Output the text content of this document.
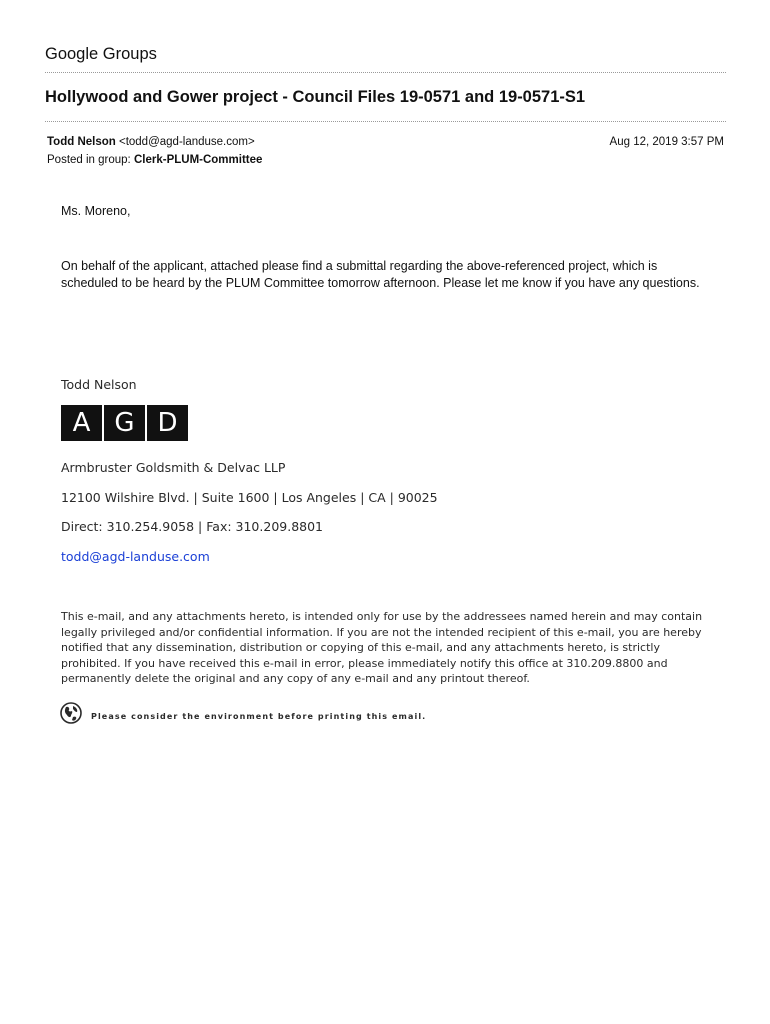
Google Groups
Hollywood and Gower project - Council Files 19-0571 and 19-0571-S1
Todd Nelson <todd@agd-landuse.com>
Posted in group: Clerk-PLUM-Committee
Aug 12, 2019 3:57 PM
Ms. Moreno,
On behalf of the applicant, attached please find a submittal regarding the above-referenced project, which is scheduled to be heard by the PLUM Committee tomorrow afternoon. Please let me know if you have any questions.
Todd Nelson
A G D
Armbruster Goldsmith & Delvac LLP
12100 Wilshire Blvd. | Suite 1600 | Los Angeles | CA | 90025
Direct: 310.254.9058 | Fax: 310.209.8801
todd@agd-landuse.com
This e-mail, and any attachments hereto, is intended only for use by the addressees named herein and may contain legally privileged and/or confidential information. If you are not the intended recipient of this e-mail, you are hereby notified that any dissemination, distribution or copying of this e-mail, and any attachments hereto, is strictly prohibited. If you have received this e-mail in error, please immediately notify this office at 310.209.8800 and permanently delete the original and any copy of any e-mail and any printout thereof.
Please consider the environment before printing this email.
